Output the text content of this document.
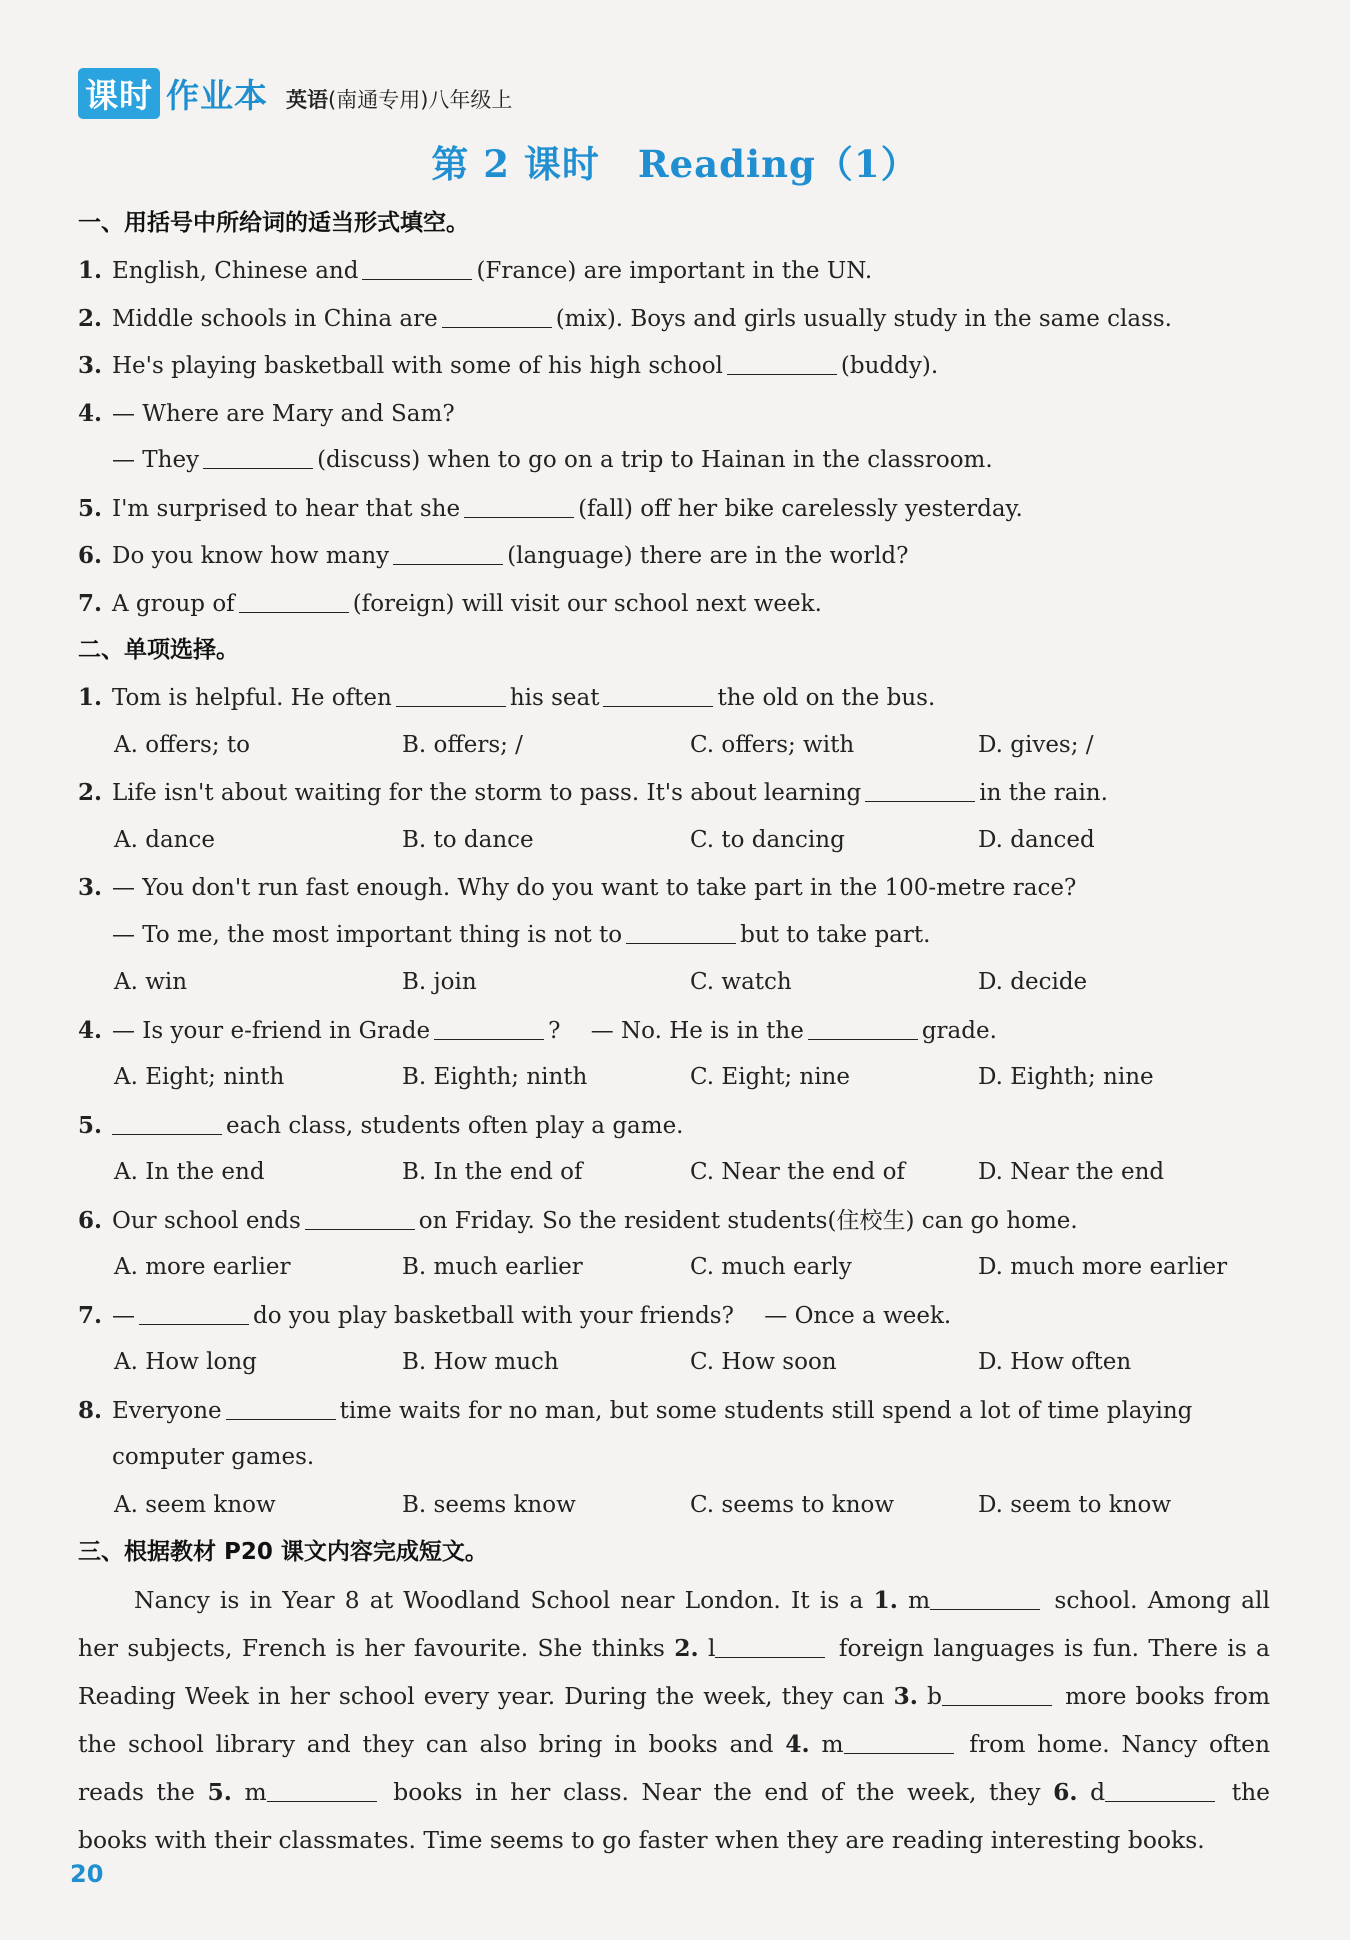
课时 作业本 英语(南通专用)八年级上
第 2 课时　Reading（1）
一、用括号中所给词的适当形式填空。
1. English, Chinese and	(France) are important in the UN.
2. Middle schools in China are	(mix). Boys and girls usually study in the same class.
3. He's playing basketball with some of his high school	(buddy).
4. — Where are Mary and Sam?
— They	(discuss) when to go on a trip to Hainan in the classroom.
5. I'm surprised to hear that she	(fall) off her bike carelessly yesterday.
6. Do you know how many	(language) there are in the world?
7. A group of	(foreign) will visit our school next week.
二、单项选择。
1. Tom is helpful. He often	his seat	the old on the bus.
A. offers; to	B. offers; /	C. offers; with	D. gives; /
2. Life isn't about waiting for the storm to pass. It's about learning	in the rain.
A. dance	B. to dance	C. to dancing	D. danced
3. — You don't run fast enough. Why do you want to take part in the 100-metre race?
— To me, the most important thing is not to	but to take part.
A. win	B. join	C. watch	D. decide
4. — Is your e-friend in Grade	?　 — No. He is in the	grade.
A. Eight; ninth	B. Eighth; ninth	C. Eight; nine	D. Eighth; nine
5.	each class, students often play a game.
A. In the end	B. In the end of	C. Near the end of	D. Near the end
6. Our school ends	on Friday. So the resident students(住校生) can go home.
A. more earlier	B. much earlier	C. much early	D. much more earlier
7. —	do you play basketball with your friends?　 — Once a week.
A. How long	B. How much	C. How soon	D. How often
8. Everyone	time waits for no man, but some students still spend a lot of time playing
computer games.
A. seem know	B. seems know	C. seems to know	D. seem to know
三、根据教材 P20 课文内容完成短文。
Nancy is in Year 8 at Woodland School near London. It is a 1. m	school. Among all
her subjects, French is her favourite. She thinks 2. l	foreign languages is fun. There is a
Reading Week in her school every year. During the week, they can 3. b	more books from
the school library and they can also bring in books and 4. m	from home. Nancy often
reads the 5. m	books in her class. Near the end of the week, they 6. d	the
books with their classmates. Time seems to go faster when they are reading interesting books.
20
